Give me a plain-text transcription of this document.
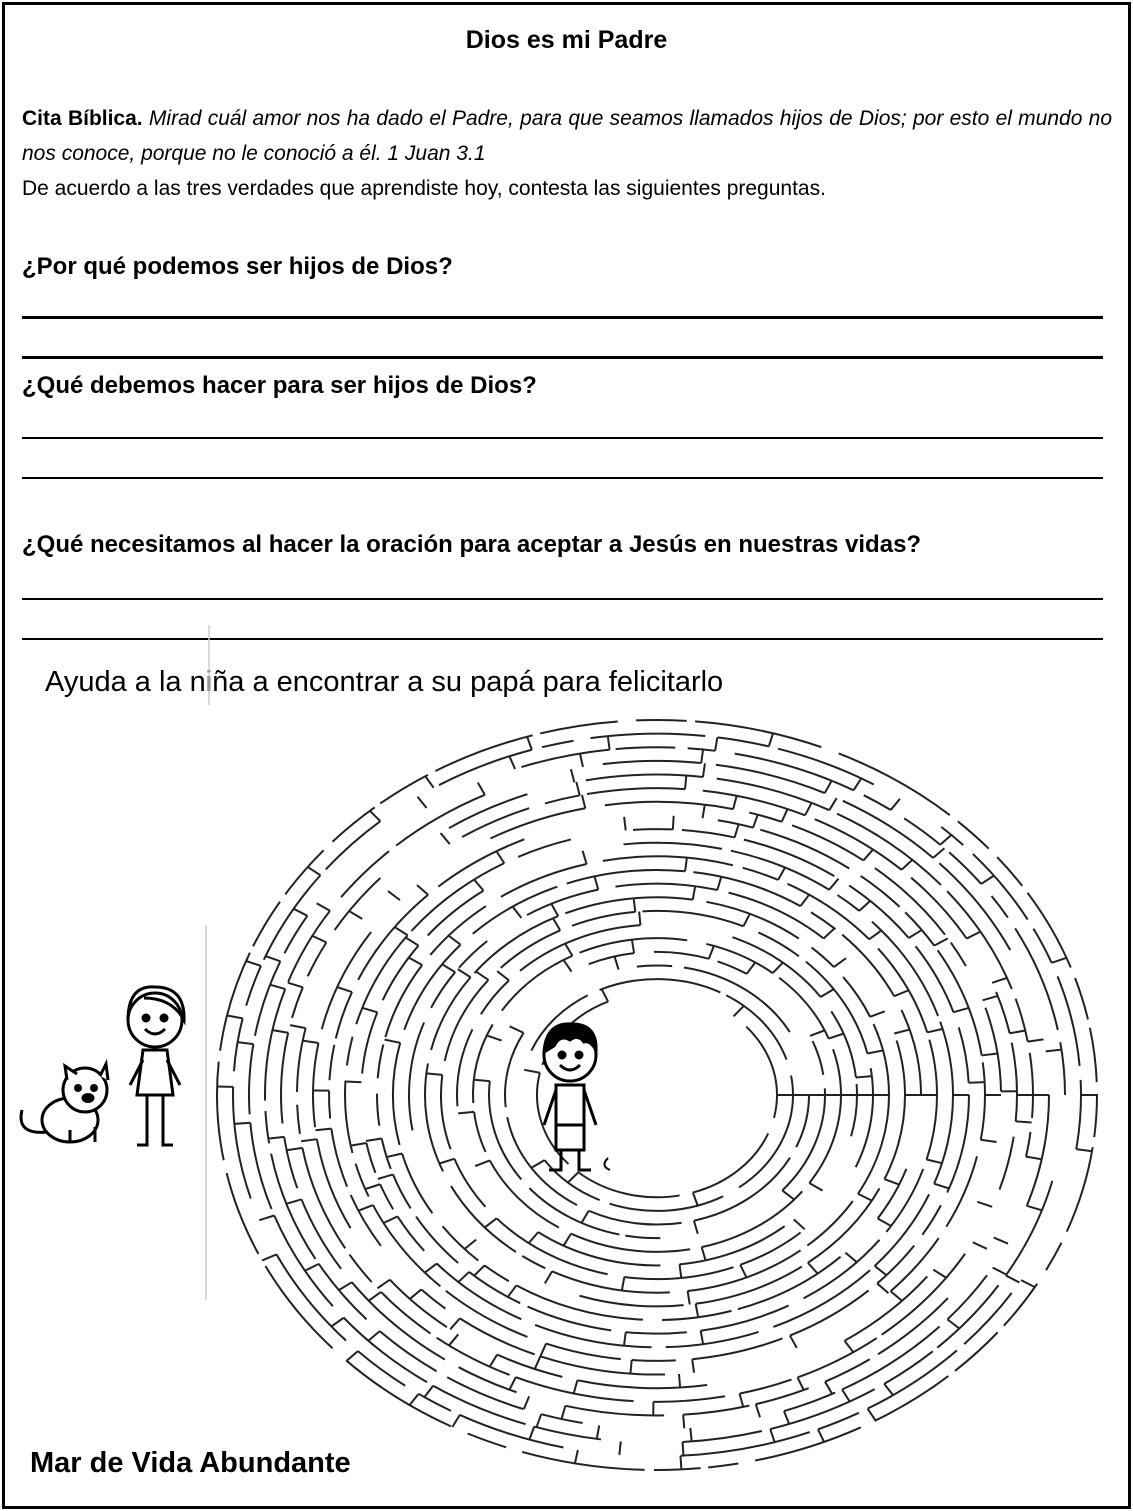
Dios es mi Padre
Cita Bíblica. Mirad cuál amor nos ha dado el Padre, para que seamos llamados hijos de Dios; por esto el mundo no nos conoce, porque no le conoció a él. 1 Juan 3.1
De acuerdo a las tres verdades que aprendiste hoy, contesta las siguientes preguntas.
¿Por qué podemos ser hijos de Dios?
¿Qué debemos hacer para ser hijos de Dios?
¿Qué necesitamos al hacer la oración para aceptar a Jesús en nuestras vidas?
Ayuda a la niña a encontrar a su papá para felicitarlo
Mar de Vida Abundante
